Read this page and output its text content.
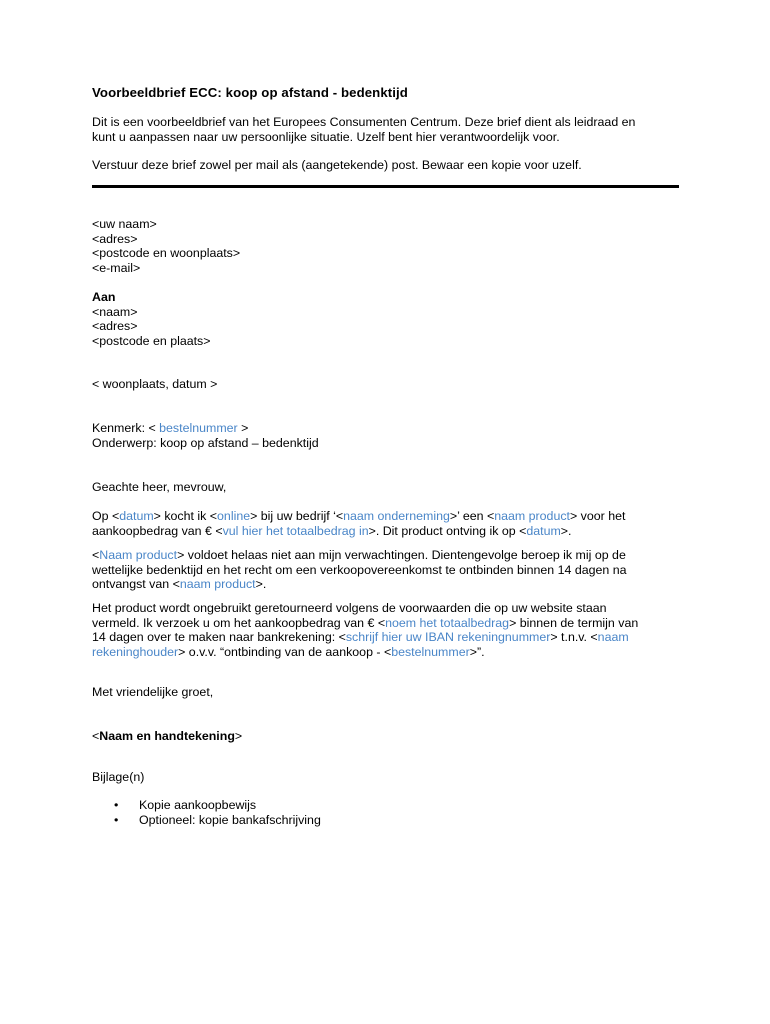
Voorbeeldbrief ECC: koop op afstand - bedenktijd
Dit is een voorbeeldbrief van het Europees Consumenten Centrum. Deze brief dient als leidraad en
kunt u aanpassen naar uw persoonlijke situatie. Uzelf bent hier verantwoordelijk voor.
Verstuur deze brief zowel per mail als (aangetekende) post. Bewaar een kopie voor uzelf.
<uw naam>
<adres>
<postcode en woonplaats>
<e-mail>
Aan
<naam>
<adres>
<postcode en plaats>
< woonplaats, datum >
Kenmerk: < bestelnummer >
Onderwerp: koop op afstand – bedenktijd
Geachte heer, mevrouw,
Op <datum> kocht ik <online> bij uw bedrijf ‘<naam onderneming>’ een <naam product> voor het
aankoopbedrag van € <vul hier het totaalbedrag in>. Dit product ontving ik op <datum>.
<Naam product> voldoet helaas niet aan mijn verwachtingen. Dientengevolge beroep ik mij op de
wettelijke bedenktijd en het recht om een verkoopovereenkomst te ontbinden binnen 14 dagen na
ontvangst van <naam product>.
Het product wordt ongebruikt geretourneerd volgens de voorwaarden die op uw website staan
vermeld. Ik verzoek u om het aankoopbedrag van € <noem het totaalbedrag> binnen de termijn van
14 dagen over te maken naar bankrekening: <schrijf hier uw IBAN rekeningnummer> t.n.v. <naam
rekeninghouder> o.v.v. “ontbinding van de aankoop - <bestelnummer>”.
Met vriendelijke groet,
<Naam en handtekening>
Bijlage(n)
•	Kopie aankoopbewijs
•	Optioneel: kopie bankafschrijving
